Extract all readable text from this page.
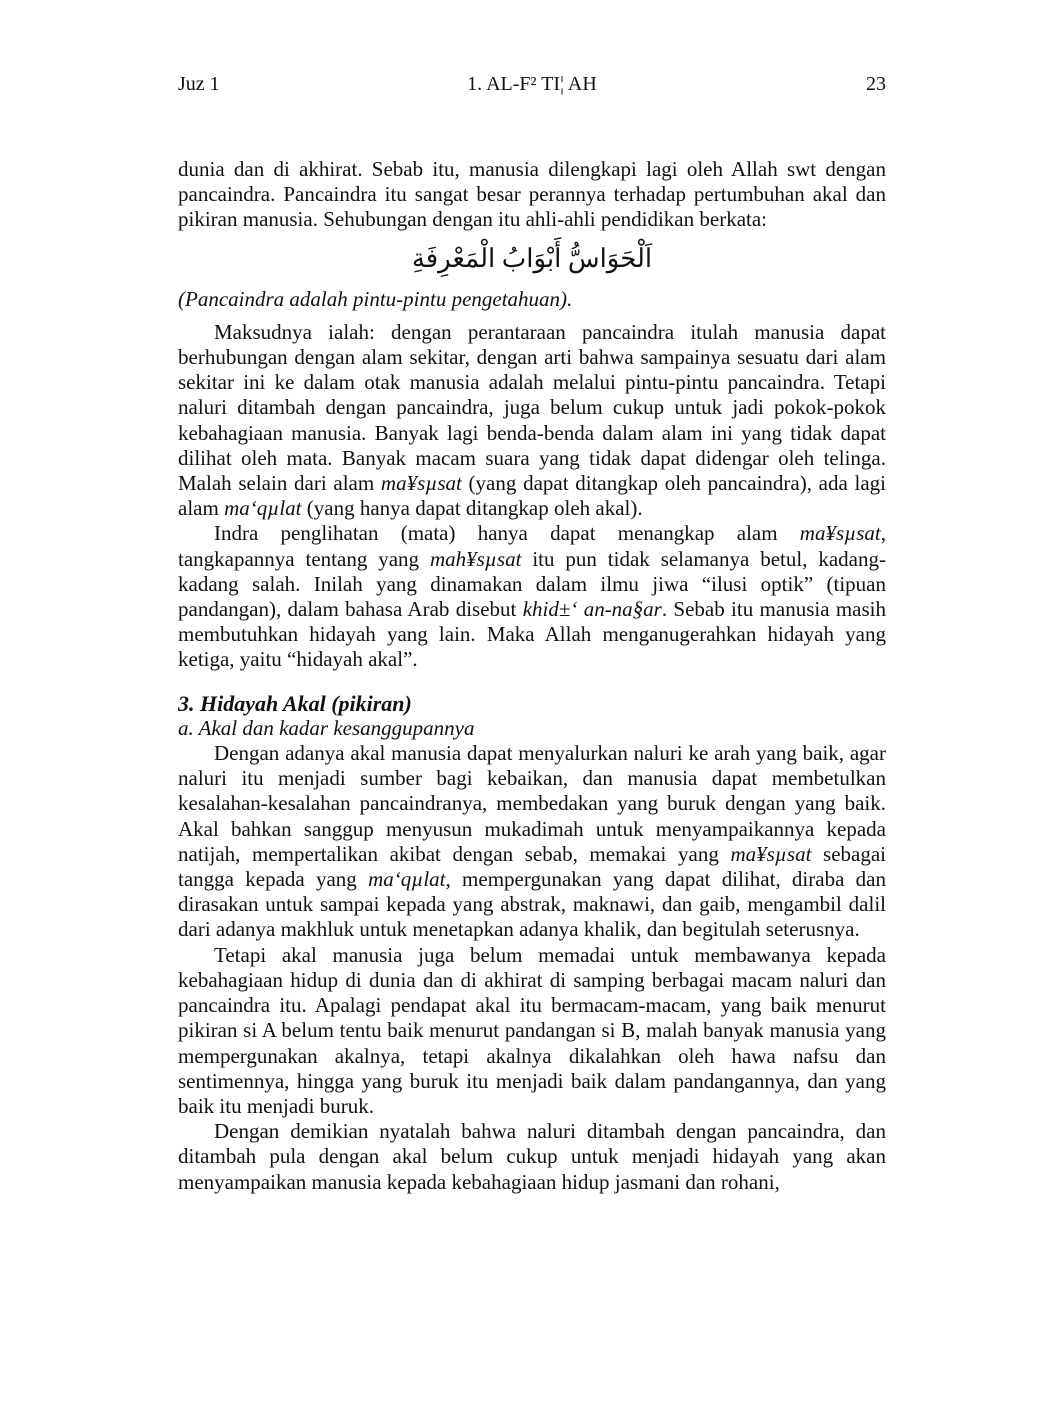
Juz 1	1. AL-F² TI¦ AH	23

dunia dan di akhirat. Sebab itu, manusia dilengkapi lagi oleh Allah swt dengan pancaindra. Pancaindra itu sangat besar perannya terhadap pertumbuhan akal dan pikiran manusia. Sehubungan dengan itu ahli-ahli pendidikan berkata:

اَلْحَوَاسُّ أَبْوَابُ الْمَعْرِفَةِ

(Pancaindra adalah pintu-pintu pengetahuan).

Maksudnya ialah: dengan perantaraan pancaindra itulah manusia dapat berhubungan dengan alam sekitar, dengan arti bahwa sampainya sesuatu dari alam sekitar ini ke dalam otak manusia adalah melalui pintu-pintu pancaindra. Tetapi naluri ditambah dengan pancaindra, juga belum cukup untuk jadi pokok-pokok kebahagiaan manusia. Banyak lagi benda-benda dalam alam ini yang tidak dapat dilihat oleh mata. Banyak macam suara yang tidak dapat didengar oleh telinga. Malah selain dari alam ma¥sµsat (yang dapat ditangkap oleh pancaindra), ada lagi alam ma‘qµlat (yang hanya dapat ditangkap oleh akal).

Indra penglihatan (mata) hanya dapat menangkap alam ma¥sµsat, tangkapannya tentang yang mah¥sµsat itu pun tidak selamanya betul, kadang-kadang salah. Inilah yang dinamakan dalam ilmu jiwa “ilusi optik” (tipuan pandangan), dalam bahasa Arab disebut khid±‘ an-na§ar. Sebab itu manusia masih membutuhkan hidayah yang lain. Maka Allah menganugerahkan hidayah yang ketiga, yaitu “hidayah akal”.

3. Hidayah Akal (pikiran)

a. Akal dan kadar kesanggupannya

Dengan adanya akal manusia dapat menyalurkan naluri ke arah yang baik, agar naluri itu menjadi sumber bagi kebaikan, dan manusia dapat membetulkan kesalahan-kesalahan pancaindranya, membedakan yang buruk dengan yang baik. Akal bahkan sanggup menyusun mukadimah untuk menyampaikannya kepada natijah, mempertalikan akibat dengan sebab, memakai yang ma¥sµsat sebagai tangga kepada yang ma‘qµlat, mempergunakan yang dapat dilihat, diraba dan dirasakan untuk sampai kepada yang abstrak, maknawi, dan gaib, mengambil dalil dari adanya makhluk untuk menetapkan adanya khalik, dan begitulah seterusnya.

Tetapi akal manusia juga belum memadai untuk membawanya kepada kebahagiaan hidup di dunia dan di akhirat di samping berbagai macam naluri dan pancaindra itu. Apalagi pendapat akal itu bermacam-macam, yang baik menurut pikiran si A belum tentu baik menurut pandangan si B, malah banyak manusia yang mempergunakan akalnya, tetapi akalnya dikalahkan oleh hawa nafsu dan sentimennya, hingga yang buruk itu menjadi baik dalam pandangannya, dan yang baik itu menjadi buruk.

Dengan demikian nyatalah bahwa naluri ditambah dengan pancaindra, dan ditambah pula dengan akal belum cukup untuk menjadi hidayah yang akan menyampaikan manusia kepada kebahagiaan hidup jasmani dan rohani,
